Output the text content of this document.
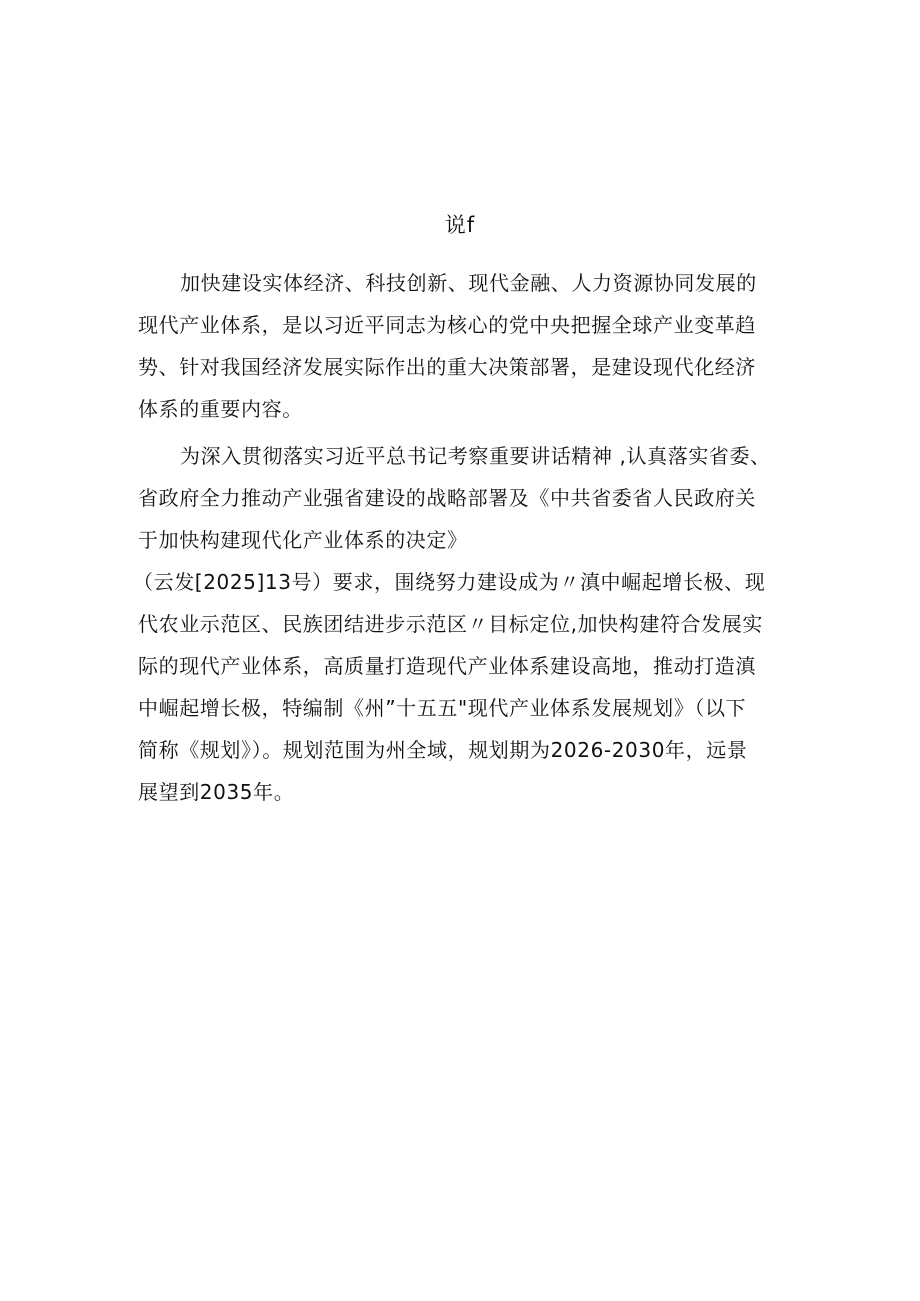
说f
加快建设实体经济、科技创新、现代金融、人力资源协同发展的
现代产业体系，是以习近平同志为核心的党中央把握全球产业变革趋
势、针对我国经济发展实际作出的重大决策部署，是建设现代化经济
体系的重要内容。
为深入贯彻落实习近平总书记考察重要讲话精神 ,认真落实省委、
省政府全力推动产业强省建设的战略部署及《中共省委省人民政府关
于加快构建现代化产业体系的决定》
（云发[2025]13号）要求，围绕努力建设成为〃滇中崛起增长极、现
代农业示范区、民族团结进步示范区〃目标定位,加快构建符合发展实
际的现代产业体系，高质量打造现代产业体系建设高地，推动打造滇
中崛起增长极，特编制《州”十五五"现代产业体系发展规划》（以下
简称《规划》）。规划范围为州全域，规划期为2026-2030年，远景
展望到2035年。
